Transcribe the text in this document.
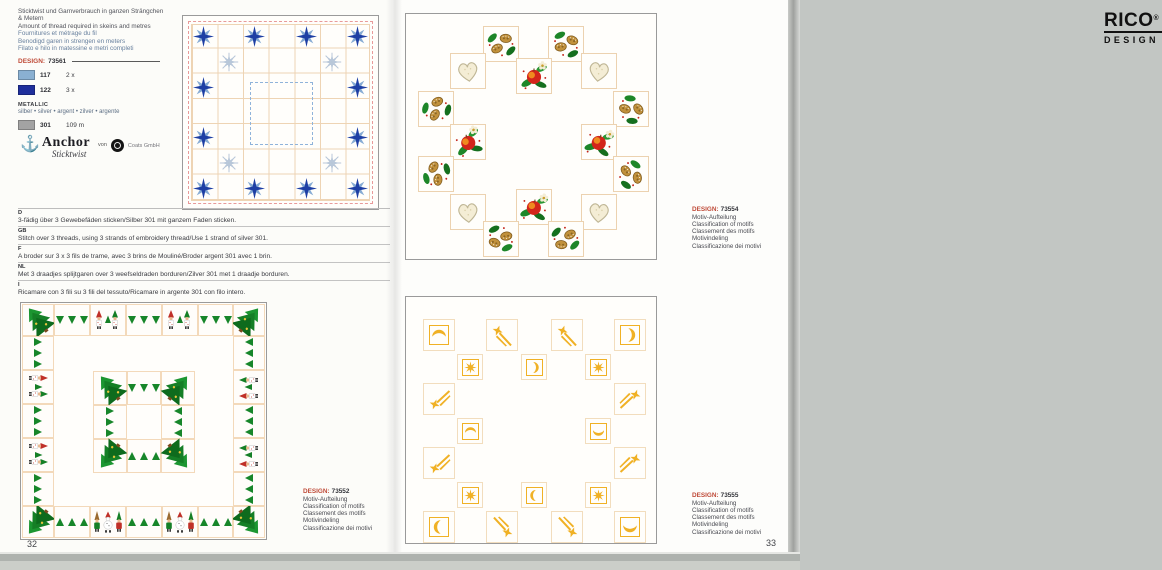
Sticktwist und Garnverbrauch in ganzen Strängchen

& Metern

Amount of thread required in skeins and metres

Fournitures et métrage du fil

Benodigd garen in strengen en meters

Filato e hilo in matessine e metri completi

DESIGN: 73561
117	2 x
122	3 x
METALLIC
silber • silver • argent • zilver • argente
301	109 m
⚓ Anchor
Sticktwist
von	Coats GmbH
D
3-fädig über 3 Gewebefäden sticken/Silber 301 mit ganzem Faden sticken.
GB
Stitch over 3 threads, using 3 strands of embroidery thread/Use 1 strand of silver 301.
F
A broder sur 3 x 3 fils de trame, avec 3 brins de Mouliné/Broder argent 301 avec 1 brin.
NL
Met 3 draadjes splijtgaren over 3 weefseldraden borduren/Zilver 301 met 1 draadje borduren.
I
Ricamare con 3 fili su 3 fili del tessuto/Ricamare in argente 301 con filo intero.
32
DESIGN: 73552
Motiv-Aufteilung
Classification of motifs
Classement des motifs
Motivindeling
Classificazione dei motivi
RICO®
DESIGN
DESIGN: 73554
Motiv-Aufteilung
Classification of motifs
Classement des motifs
Motivindeling
Classificazione dei motivi
DESIGN: 73555
Motiv-Aufteilung
Classification of motifs
Classement des motifs
Motivindeling
Classificazione dei motivi
33
